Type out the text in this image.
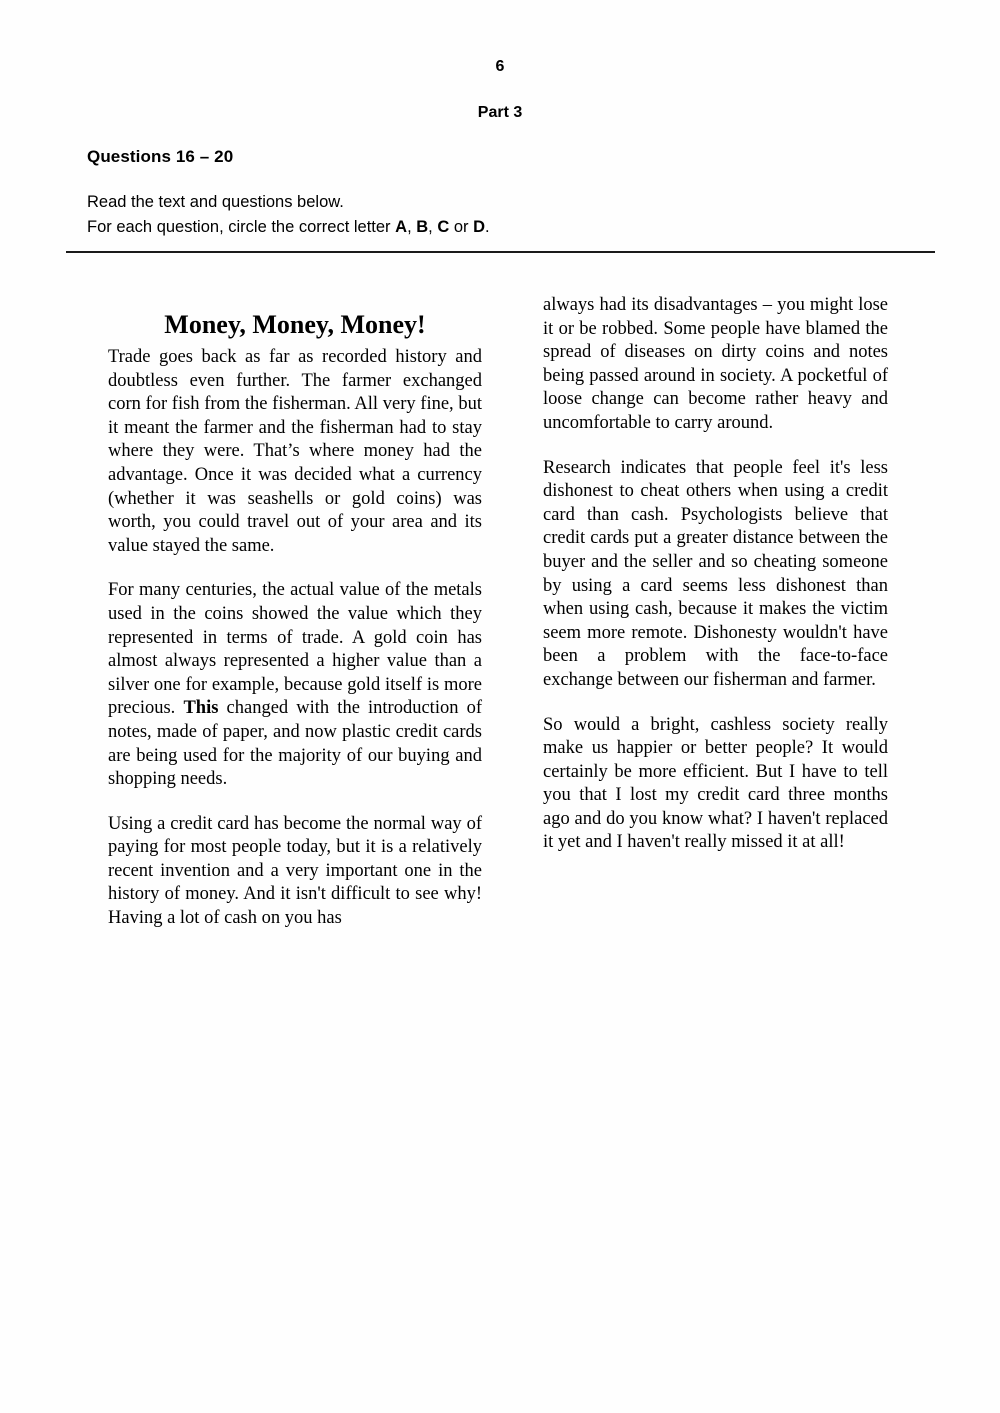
6
Part 3
Questions 16 – 20
Read the text and questions below.
For each question, circle the correct letter A, B, C or D.
Money, Money, Money!

Trade goes back as far as recorded history and doubtless even further. The farmer exchanged corn for fish from the fisherman. All very fine, but it meant the farmer and the fisherman had to stay where they were. That’s where money had the advantage. Once it was decided what a currency (whether it was seashells or gold coins) was worth, you could travel out of your area and its value stayed the same.

For many centuries, the actual value of the metals used in the coins showed the value which they represented in terms of trade. A gold coin has almost always represented a higher value than a silver one for example, because gold itself is more precious. This changed with the introduction of notes, made of paper, and now plastic credit cards are being used for the majority of our buying and shopping needs.

Using a credit card has become the normal way of paying for most people today, but it is a relatively recent invention and a very important one in the history of money. And it isn't difficult to see why! Having a lot of cash on you has

always had its disadvantages – you might lose it or be robbed. Some people have blamed the spread of diseases on dirty coins and notes being passed around in society. A pocketful of loose change can become rather heavy and uncomfortable to carry around.

Research indicates that people feel it's less dishonest to cheat others when using a credit card than cash. Psychologists believe that credit cards put a greater distance between the buyer and the seller and so cheating someone by using a card seems less dishonest than when using cash, because it makes the victim seem more remote. Dishonesty wouldn't have been a problem with the face-to-face exchange between our fisherman and farmer.

So would a bright, cashless society really make us happier or better people? It would certainly be more efficient. But I have to tell you that I lost my credit card three months ago and do you know what? I haven't replaced it yet and I haven't really missed it at all!
